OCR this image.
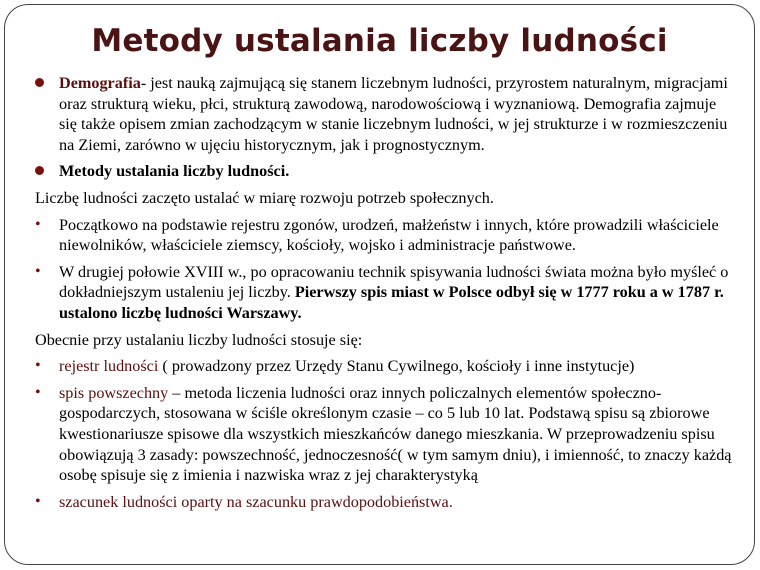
Metody ustalania liczby ludności
Demografia- jest nauką zajmującą się stanem liczebnym ludności, przyrostem naturalnym, migracjami oraz strukturą wieku, płci, strukturą zawodową, narodowościową i wyznaniową. Demografia zajmuje się także opisem zmian zachodzącym w stanie liczebnym ludności, w jej strukturze i w rozmieszczeniu na Ziemi, zarówno w ujęciu historycznym, jak i prognostycznym.
Metody ustalania liczby ludności.
Liczbę ludności zaczęto ustalać w miarę rozwoju potrzeb społecznych.
• Początkowo na podstawie rejestru zgonów, urodzeń, małżeństw i innych, które prowadzili właściciele niewolników, właściciele ziemscy, kościoły, wojsko i administracje państwowe.
• W drugiej połowie XVIII w., po opracowaniu technik spisywania ludności świata można było myśleć o dokładniejszym ustaleniu jej liczby. Pierwszy spis miast w Polsce odbył się w 1777 roku a w 1787 r. ustalono liczbę ludności Warszawy.
Obecnie przy ustalaniu liczby ludności stosuje się:
• rejestr ludności ( prowadzony przez Urzędy Stanu Cywilnego, kościoły i inne instytucje)
• spis powszechny – metoda liczenia ludności oraz innych policzalnych elementów społeczno-gospodarczych, stosowana w ściśle określonym czasie – co 5 lub 10 lat. Podstawą spisu są zbiorowe kwestionariusze spisowe dla wszystkich mieszkańców danego mieszkania. W przeprowadzeniu spisu obowiązują 3 zasady: powszechność, jednoczesność( w tym samym dniu), i imienność, to znaczy każdą osobę spisuje się z imienia i nazwiska wraz z jej charakterystyką
• szacunek ludności oparty na szacunku prawdopodobieństwa.
